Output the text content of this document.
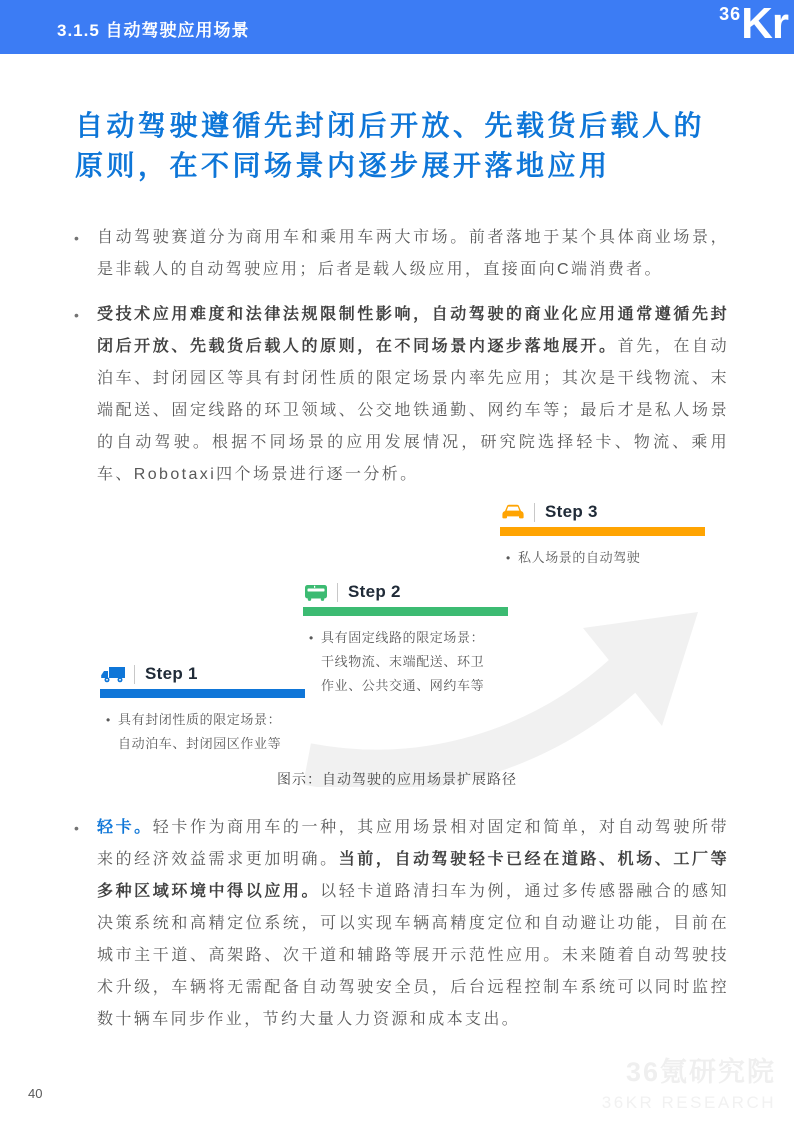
3.1.5 自动驾驶应用场景
36 Kr
自动驾驶遵循先封闭后开放、先载货后载人的原则，在不同场景内逐步展开落地应用

• 自动驾驶赛道分为商用车和乘用车两大市场。前者落地于某个具体商业场景，是非载人的自动驾驶应用；后者是载人级应用，直接面向C端消费者。

• 受技术应用难度和法律法规限制性影响，自动驾驶的商业化应用通常遵循先封闭后开放、先载货后载人的原则，在不同场景内逐步落地展开。首先，在自动泊车、封闭园区等具有封闭性质的限定场景内率先应用；其次是干线物流、末端配送、固定线路的环卫领域、公交地铁通勤、网约车等；最后才是私人场景的自动驾驶。根据不同场景的应用发展情况，研究院选择轻卡、物流、乘用车、Robotaxi四个场景进行逐一分析。

Step 1
•
具有封闭性质的限定场景：
自动泊车、封闭园区作业等
Step 2
•
具有固定线路的限定场景：
干线物流、末端配送、环卫
作业、公共交通、网约车等
Step 3
•
私人场景的自动驾驶
图示：自动驾驶的应用场景扩展路径

• 轻卡。轻卡作为商用车的一种，其应用场景相对固定和简单，对自动驾驶所带来的经济效益需求更加明确。当前，自动驾驶轻卡已经在道路、机场、工厂等多种区域环境中得以应用。以轻卡道路清扫车为例，通过多传感器融合的感知决策系统和高精定位系统，可以实现车辆高精度定位和自动避让功能，目前在城市主干道、高架路、次干道和辅路等展开示范性应用。未来随着自动驾驶技术升级，车辆将无需配备自动驾驶安全员，后台远程控制车系统可以同时监控数十辆车同步作业，节约大量人力资源和成本支出。

40
36氪研究院
36KR RESEARCH
